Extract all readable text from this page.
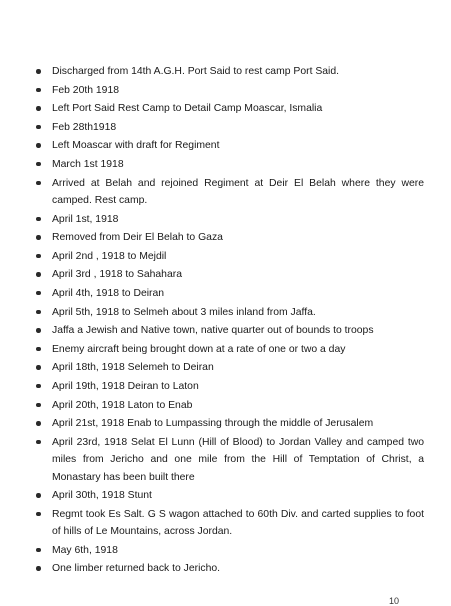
Discharged from 14th A.G.H. Port Said to rest camp Port Said.
Feb 20th 1918
Left Port Said Rest Camp to Detail Camp Moascar, Ismalia
Feb 28th1918
Left Moascar with draft for Regiment
March 1st 1918
Arrived at Belah and rejoined Regiment at Deir El Belah where they were camped. Rest camp.
April 1st, 1918
Removed from Deir El Belah to Gaza
April 2nd , 1918 to Mejdil
April 3rd , 1918 to Sahahara
April 4th, 1918 to Deiran
April 5th, 1918 to Selmeh about 3 miles inland from Jaffa.
Jaffa a Jewish and Native town, native quarter out of bounds to troops
Enemy aircraft being brought down at a rate of one or two a day
April 18th, 1918 Selemeh to Deiran
April 19th, 1918 Deiran to Laton
April 20th, 1918 Laton to Enab
April 21st, 1918 Enab to Lumpassing through the middle of Jerusalem
April 23rd, 1918 Selat El Lunn (Hill of Blood) to Jordan Valley and camped two miles from Jericho and one mile from the Hill of Temptation of Christ, a Monastary has been built there
April 30th, 1918 Stunt
Regmt took Es Salt. G S wagon attached to 60th Div. and carted supplies to foot of hills of Le Mountains, across Jordan.
May 6th, 1918
One limber returned back to Jericho.
10
